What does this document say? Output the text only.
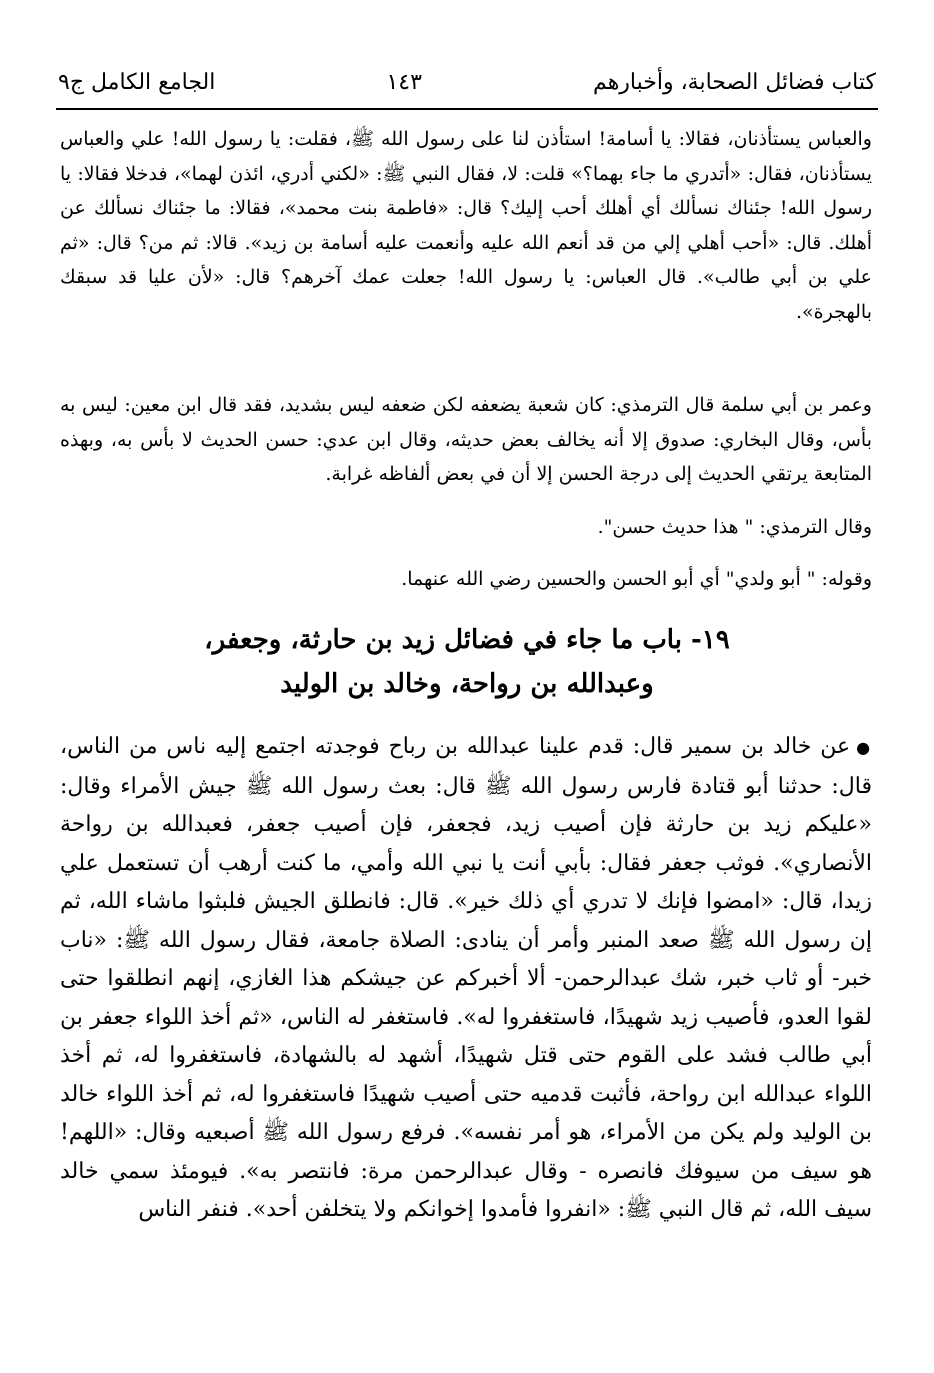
كتاب فضائل الصحابة، وأخبارهم
١٤٣
الجامع الكامل ج٩

والعباس يستأذنان، فقالا: يا أسامة! استأذن لنا على رسول الله ﷺ، فقلت: يا رسول الله! علي والعباس يستأذنان، فقال: «أتدري ما جاء بهما؟» قلت: لا، فقال النبي ﷺ: «لكني أدري، ائذن لهما»، فدخلا فقالا: يا رسول الله! جئناك نسألك أي أهلك أحب إليك؟ قال: «فاطمة بنت محمد»، فقالا: ما جئناك نسألك عن أهلك. قال: «أحب أهلي إلي من قد أنعم الله عليه وأنعمت عليه أسامة بن زيد». قالا: ثم من؟ قال: «ثم علي بن أبي طالب». قال العباس: يا رسول الله! جعلت عمك آخرهم؟ قال: «لأن عليا قد سبقك بالهجرة».

وعمر بن أبي سلمة قال الترمذي: كان شعبة يضعفه لكن ضعفه ليس بشديد، فقد قال ابن معين: ليس به بأس، وقال البخاري: صدوق إلا أنه يخالف بعض حديثه، وقال ابن عدي: حسن الحديث لا بأس به، وبهذه المتابعة يرتقي الحديث إلى درجة الحسن إلا أن في بعض ألفاظه غرابة.

وقال الترمذي: " هذا حديث حسن".

وقوله: " أبو ولدي" أي أبو الحسن والحسين رضي الله عنهما.

١٩- باب ما جاء في فضائل زيد بن حارثة، وجعفر،
وعبدالله بن رواحة، وخالد بن الوليد

●عن خالد بن سمير قال: قدم علينا عبدالله بن رباح فوجدته اجتمع إليه ناس من الناس، قال: حدثنا أبو قتادة فارس رسول الله ﷺ قال: بعث رسول الله ﷺ جيش الأمراء وقال: «عليكم زيد بن حارثة فإن أصيب زيد، فجعفر، فإن أصيب جعفر، فعبدالله بن رواحة الأنصاري». فوثب جعفر فقال: بأبي أنت يا نبي الله وأمي، ما كنت أرهب أن تستعمل علي زيدا، قال: «امضوا فإنك لا تدري أي ذلك خير». قال: فانطلق الجيش فلبثوا ماشاء الله، ثم إن رسول الله ﷺ صعد المنبر وأمر أن ينادى: الصلاة جامعة، فقال رسول الله ﷺ: «ناب خبر- أو ثاب خبر، شك عبدالرحمن- ألا أخبركم عن جيشكم هذا الغازي، إنهم انطلقوا حتى لقوا العدو، فأصيب زيد شهيدًا، فاستغفروا له». فاستغفر له الناس، «ثم أخذ اللواء جعفر بن أبي طالب فشد على القوم حتى قتل شهيدًا، أشهد له بالشهادة، فاستغفروا له، ثم أخذ اللواء عبدالله ابن رواحة، فأثبت قدميه حتى أصيب شهيدًا فاستغفروا له، ثم أخذ اللواء خالد بن الوليد ولم يكن من الأمراء، هو أمر نفسه». فرفع رسول الله ﷺ أصبعيه وقال: «اللهم! هو سيف من سيوفك فانصره - وقال عبدالرحمن مرة: فانتصر به». فيومئذ سمي خالد سيف الله، ثم قال النبي ﷺ: «انفروا فأمدوا إخوانكم ولا يتخلفن أحد». فنفر الناس
